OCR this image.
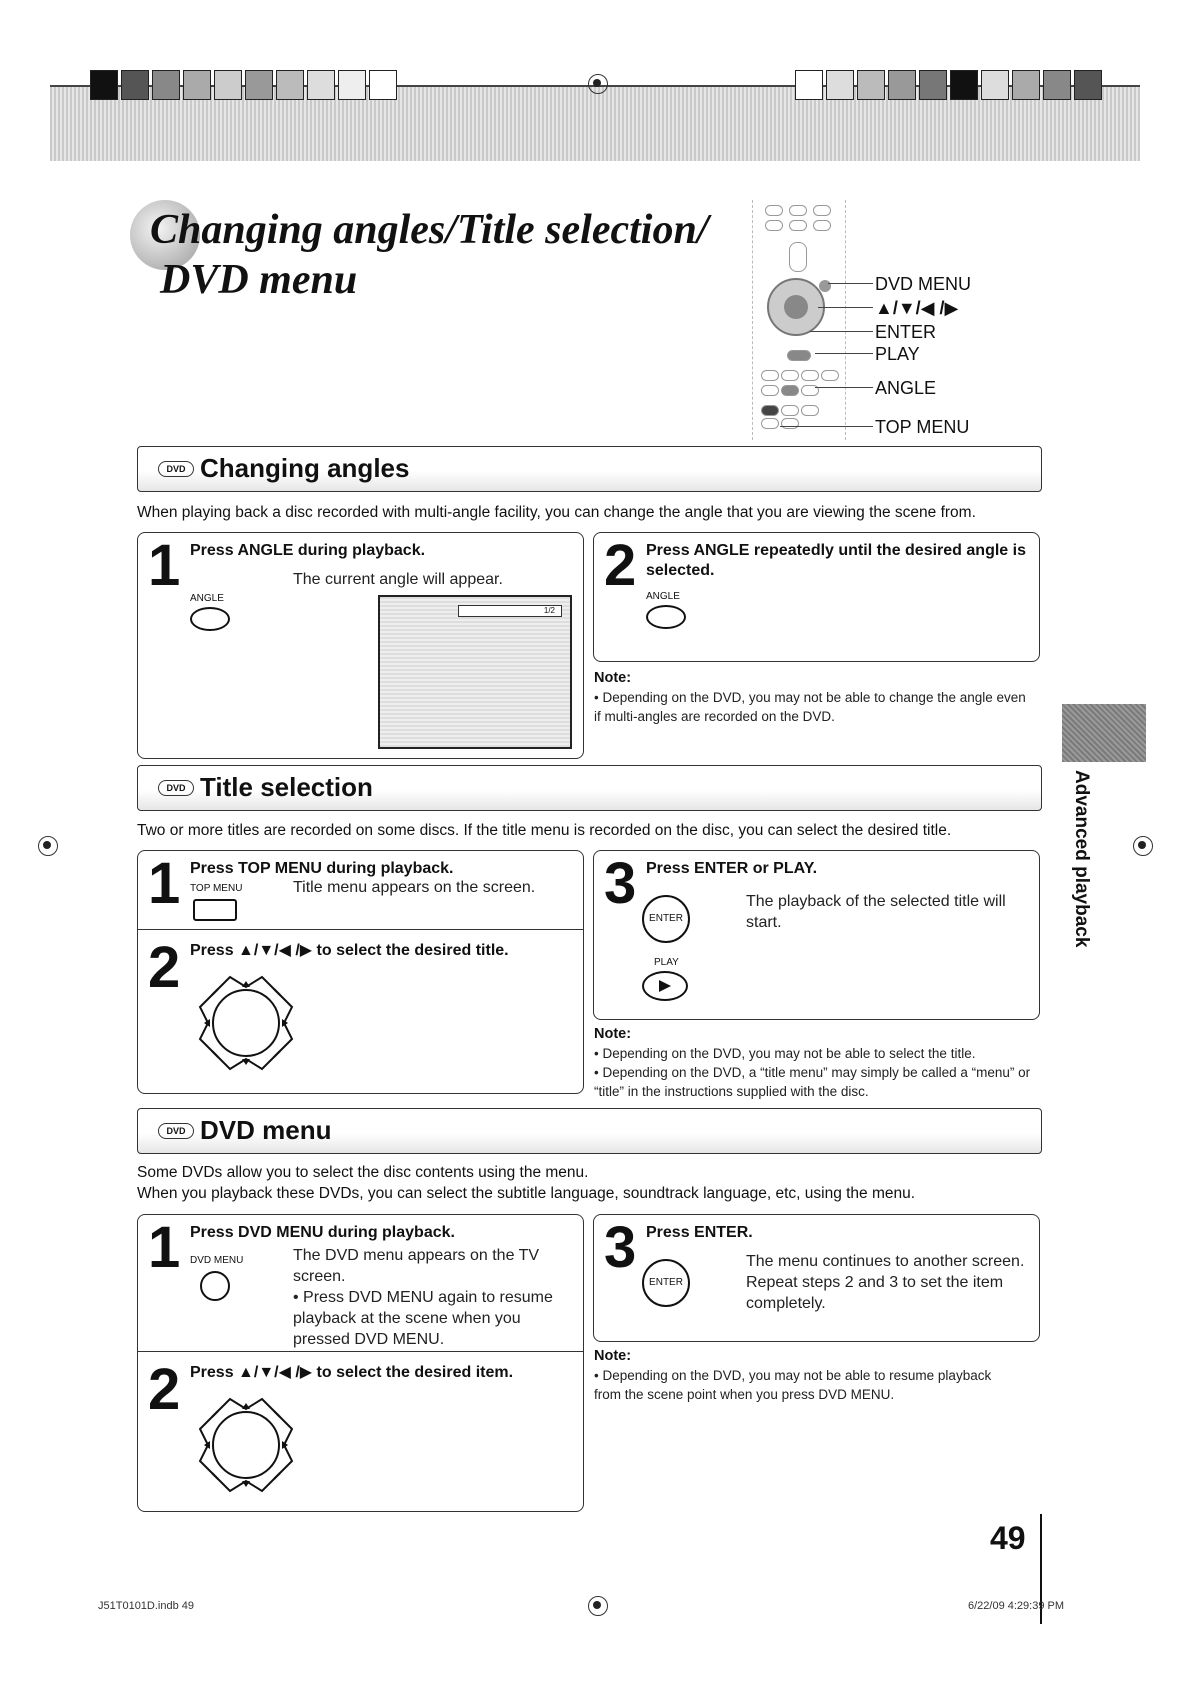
Changing angles/Title selection/
DVD menu	DVD MENU
▲/▼/◀ /▶
ENTER
PLAY
ANGLE
TOP MENU
DVD Changing angles
When playing back a disc recorded with multi-angle facility, you can change the angle that you are viewing the scene from.
1 Press ANGLE during playback.
The current angle will appear.
ANGLE
1/2
2 Press ANGLE repeatedly until the desired angle is selected.
ANGLE
Note:
• Depending on the DVD, you may not be able to change the angle even if multi-angles are recorded on the DVD.
DVD Title selection
Two or more titles are recorded on some discs. If the title menu is recorded on the disc, you can select the desired title.
1 Press TOP MENU during playback.
Title menu appears on the screen.
TOP MENU
2 Press ▲/▼/◀ /▶ to select the desired title.
3 Press ENTER or PLAY.
The playback of the selected title will start.
ENTER
PLAY
Note:
• Depending on the DVD, you may not be able to select the title.
• Depending on the DVD, a “title menu” may simply be called a “menu” or “title” in the instructions supplied with the disc.
DVD DVD menu
Some DVDs allow you to select the disc contents using the menu.
When you playback these DVDs, you can select the subtitle language, soundtrack language, etc, using the menu.
1 Press DVD MENU during playback.
The DVD menu appears on the TV screen.
• Press DVD MENU again to resume playback at the scene when you pressed DVD MENU.
DVD MENU
2 Press ▲/▼/◀ /▶ to select the desired item.
3 Press ENTER.
The menu continues to another screen. Repeat steps 2 and 3 to set the item completely.
ENTER
Note:
• Depending on the DVD, you may not be able to resume playback from the scene point when you press DVD MENU.
Advanced playback
49
J51T0101D.indb 49	6/22/09 4:29:39 PM
